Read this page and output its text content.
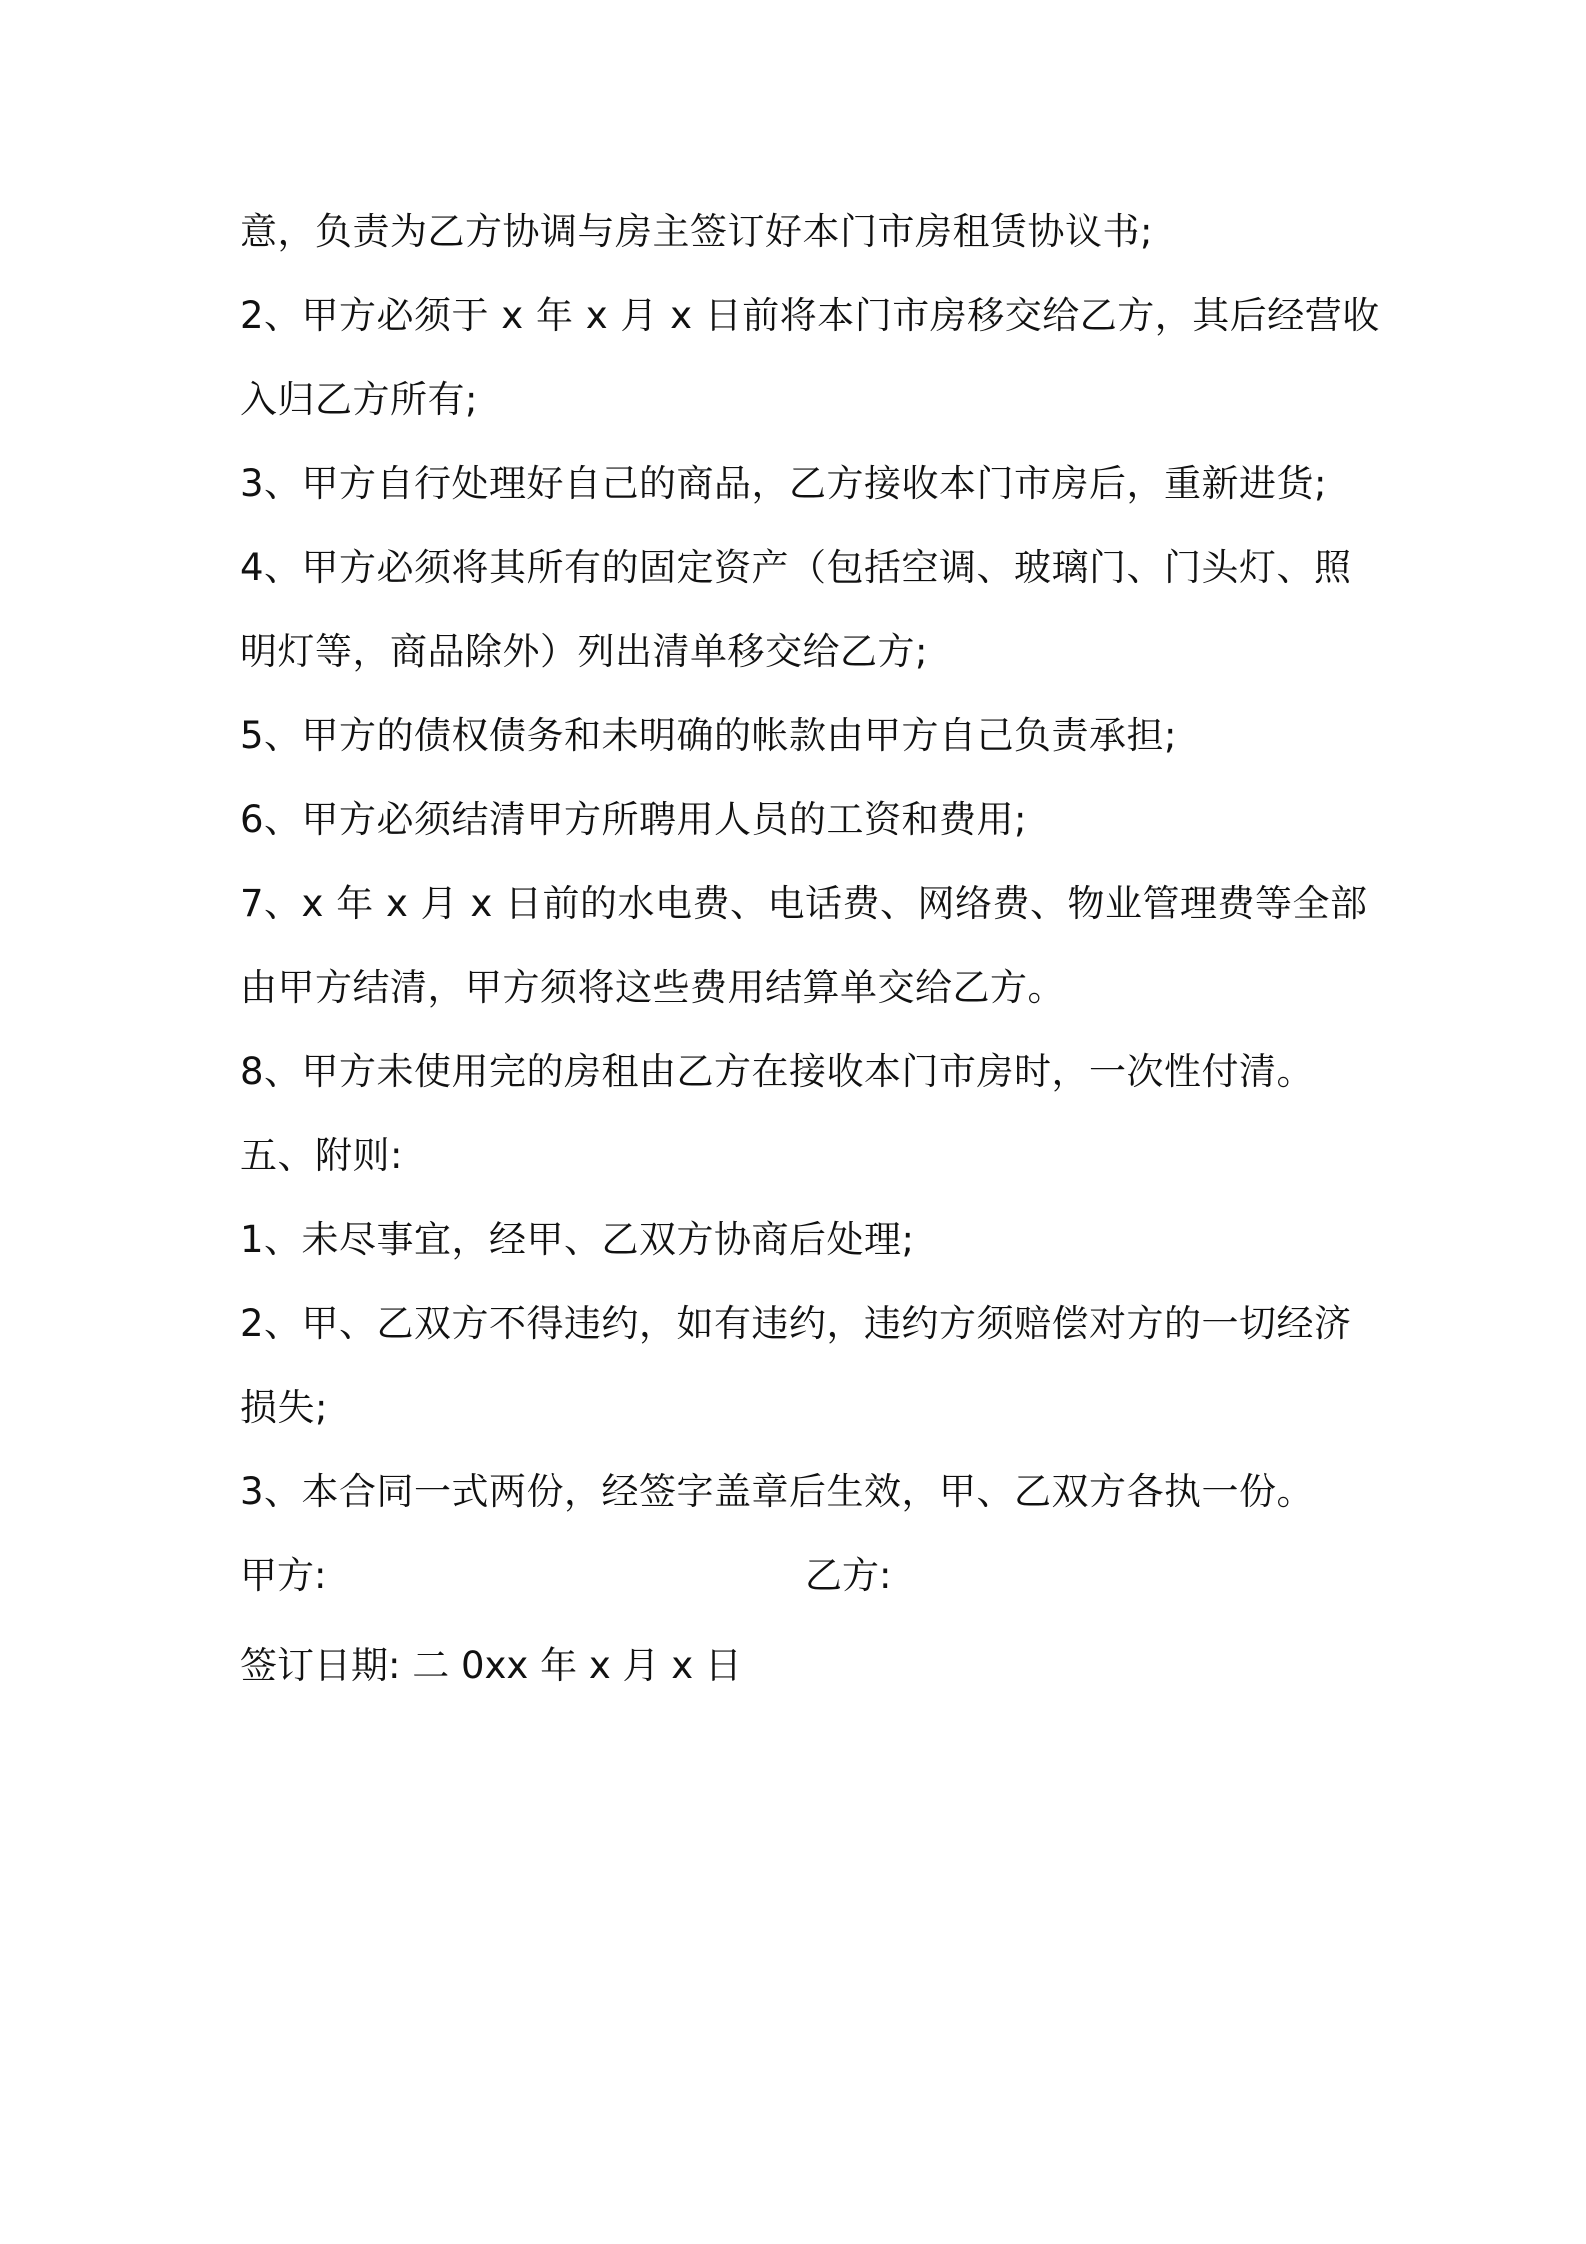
意，负责为乙方协调与房主签订好本门市房租赁协议书;
2、甲方必须于 x 年 x 月 x 日前将本门市房移交给乙方，其后经营收
入归乙方所有;
3、甲方自行处理好自己的商品，乙方接收本门市房后，重新进货;
4、甲方必须将其所有的固定资产（包括空调、玻璃门、门头灯、照
明灯等，商品除外）列出清单移交给乙方;
5、甲方的债权债务和未明确的帐款由甲方自己负责承担;
6、甲方必须结清甲方所聘用人员的工资和费用;
7、x 年 x 月 x 日前的水电费、电话费、网络费、物业管理费等全部
由甲方结清，甲方须将这些费用结算单交给乙方。
8、甲方未使用完的房租由乙方在接收本门市房时，一次性付清。
五、附则:
1、未尽事宜，经甲、乙双方协商后处理;
2、甲、乙双方不得违约，如有违约，违约方须赔偿对方的一切经济
损失;
3、本合同一式两份，经签字盖章后生效，甲、乙双方各执一份。
甲方:	乙方:
签订日期: 二 0xx 年 x 月 x 日
